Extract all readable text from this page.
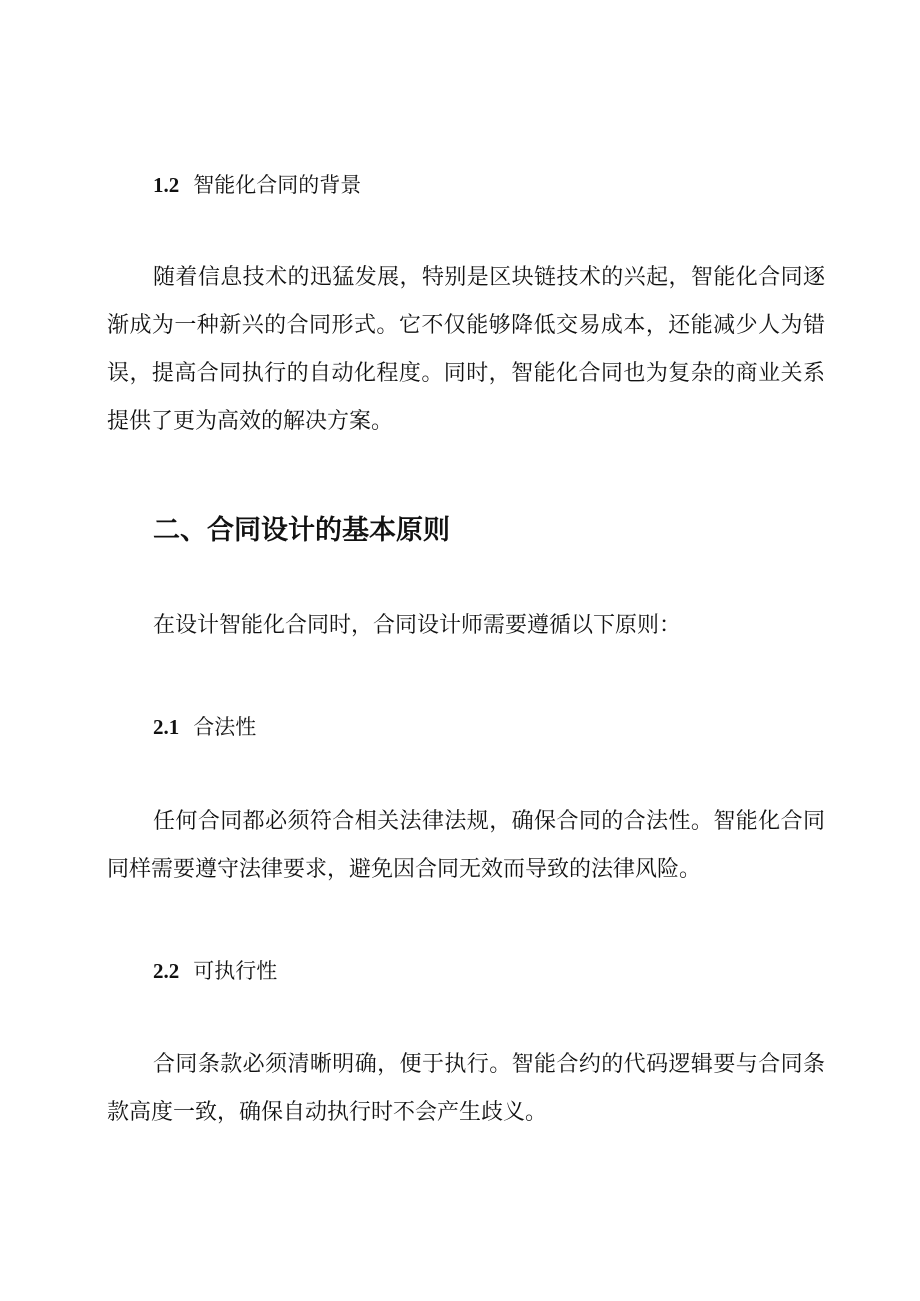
1.2 智能化合同的背景

随着信息技术的迅猛发展，特别是区块链技术的兴起，智能化合同逐渐成为一种新兴的合同形式。它不仅能够降低交易成本，还能减少人为错误，提高合同执行的自动化程度。同时，智能化合同也为复杂的商业关系提供了更为高效的解决方案。

二、合同设计的基本原则

在设计智能化合同时，合同设计师需要遵循以下原则：

2.1 合法性

任何合同都必须符合相关法律法规，确保合同的合法性。智能化合同同样需要遵守法律要求，避免因合同无效而导致的法律风险。

2.2 可执行性

合同条款必须清晰明确，便于执行。智能合约的代码逻辑要与合同条款高度一致，确保自动执行时不会产生歧义。
